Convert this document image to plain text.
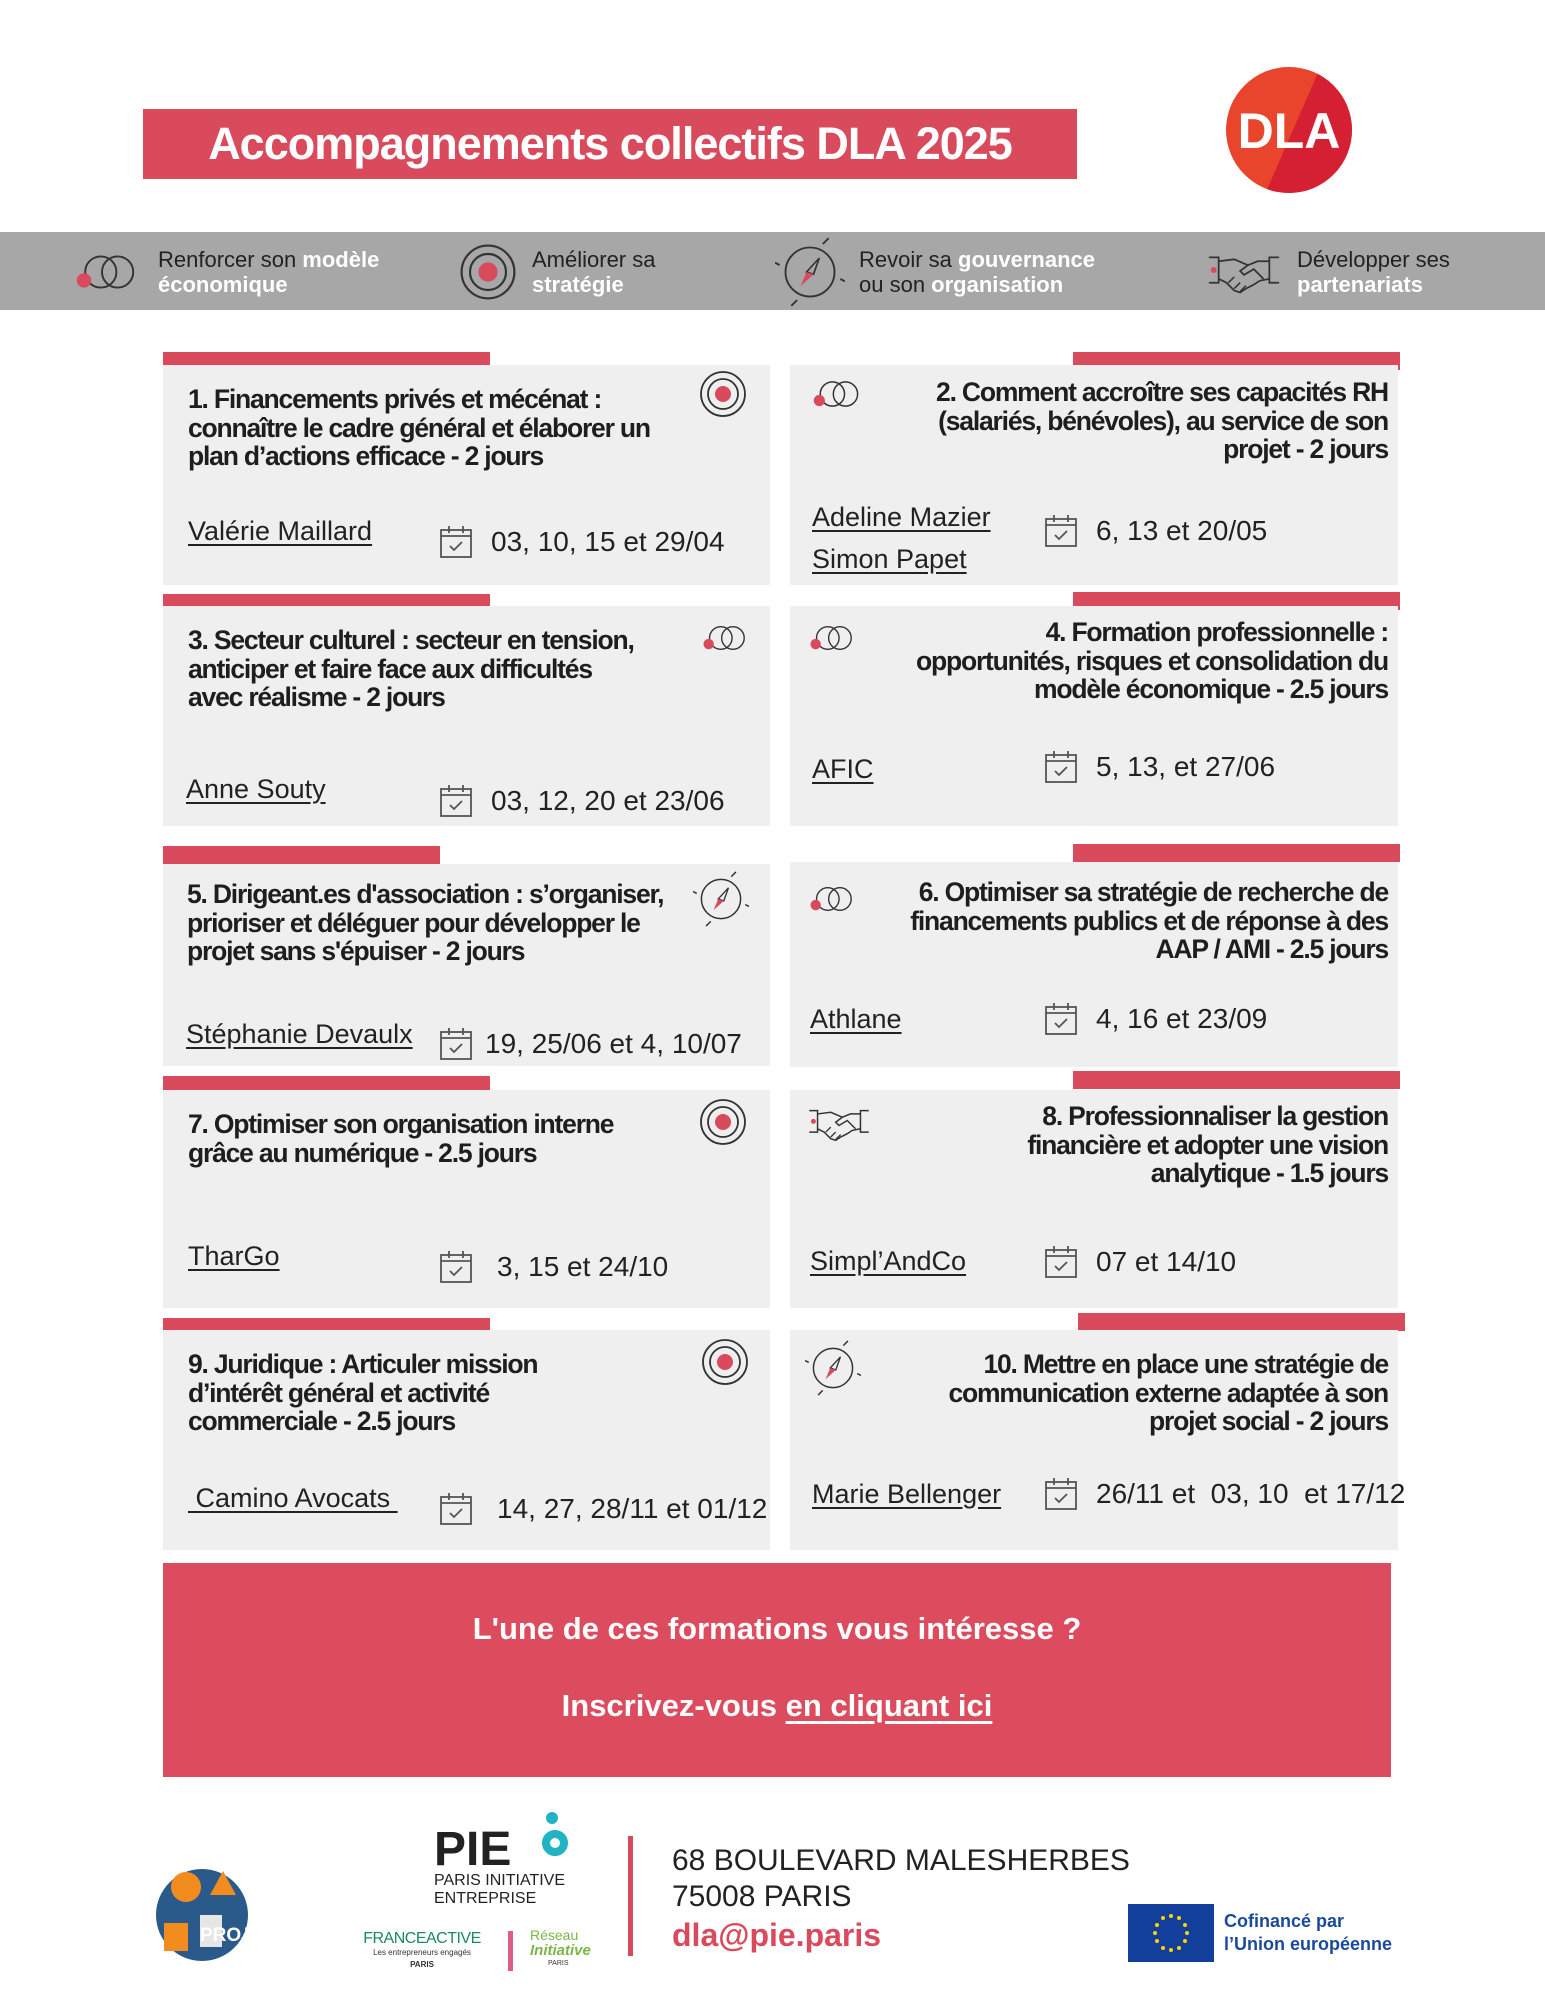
Accompagnements collectifs DLA 2025	DLA
Renforcer son modèle
économique
Améliorer sa
stratégie
Revoir sa gouvernance
ou son organisation
Développer ses
partenariats
1. Financements privés et mécénat : connaître le cadre général et élaborer un plan d’actions efficace - 2 jours
Valérie Maillard	03, 10, 15 et 29/04
2. Comment accroître ses capacités RH (salariés, bénévoles), au service de son projet - 2 jours
Adeline Mazier
Simon Papet
6, 13 et 20/05
3. Secteur culturel : secteur en tension, anticiper et faire face aux difficultés avec réalisme - 2 jours
Anne Souty	03, 12, 20 et 23/06
4. Formation professionnelle : opportunités, risques et consolidation du modèle économique - 2.5 jours
AFIC	5, 13, et 27/06
5. Dirigeant.es d'association : s’organiser, prioriser et déléguer pour développer le projet sans s'épuiser - 2 jours
Stéphanie Devaulx	19, 25/06 et 4, 10/07
6. Optimiser sa stratégie de recherche de financements publics et de réponse à des AAP / AMI - 2.5 jours
Athlane	4, 16 et 23/09
7. Optimiser son organisation interne grâce au numérique - 2.5 jours
TharGo	3, 15 et 24/10
8. Professionnaliser la gestion financière et adopter une vision analytique - 1.5 jours
Simpl’AndCo	07 et 14/10
9. Juridique : Articuler mission d’intérêt général et activité commerciale - 2.5 jours
Camino Avocats	14, 27, 28/11 et 01/12
10. Mettre en place une stratégie de communication externe adaptée à son projet social - 2 jours
Marie Bellenger	26/11 et  03, 10  et 17/12
L'une de ces formations vous intéresse ?
Inscrivez-vous en cliquant ici
PROJETS-19
PIE
PARIS INITIATIVE
ENTREPRISE
FRANCEACTIVE
Les entrepreneurs engagés
PARIS
Réseau
Initiative
PARIS
68 BOULEVARD MALESHERBES
75008 PARIS
dla@pie.paris	Cofinancé par
l’Union européenne
